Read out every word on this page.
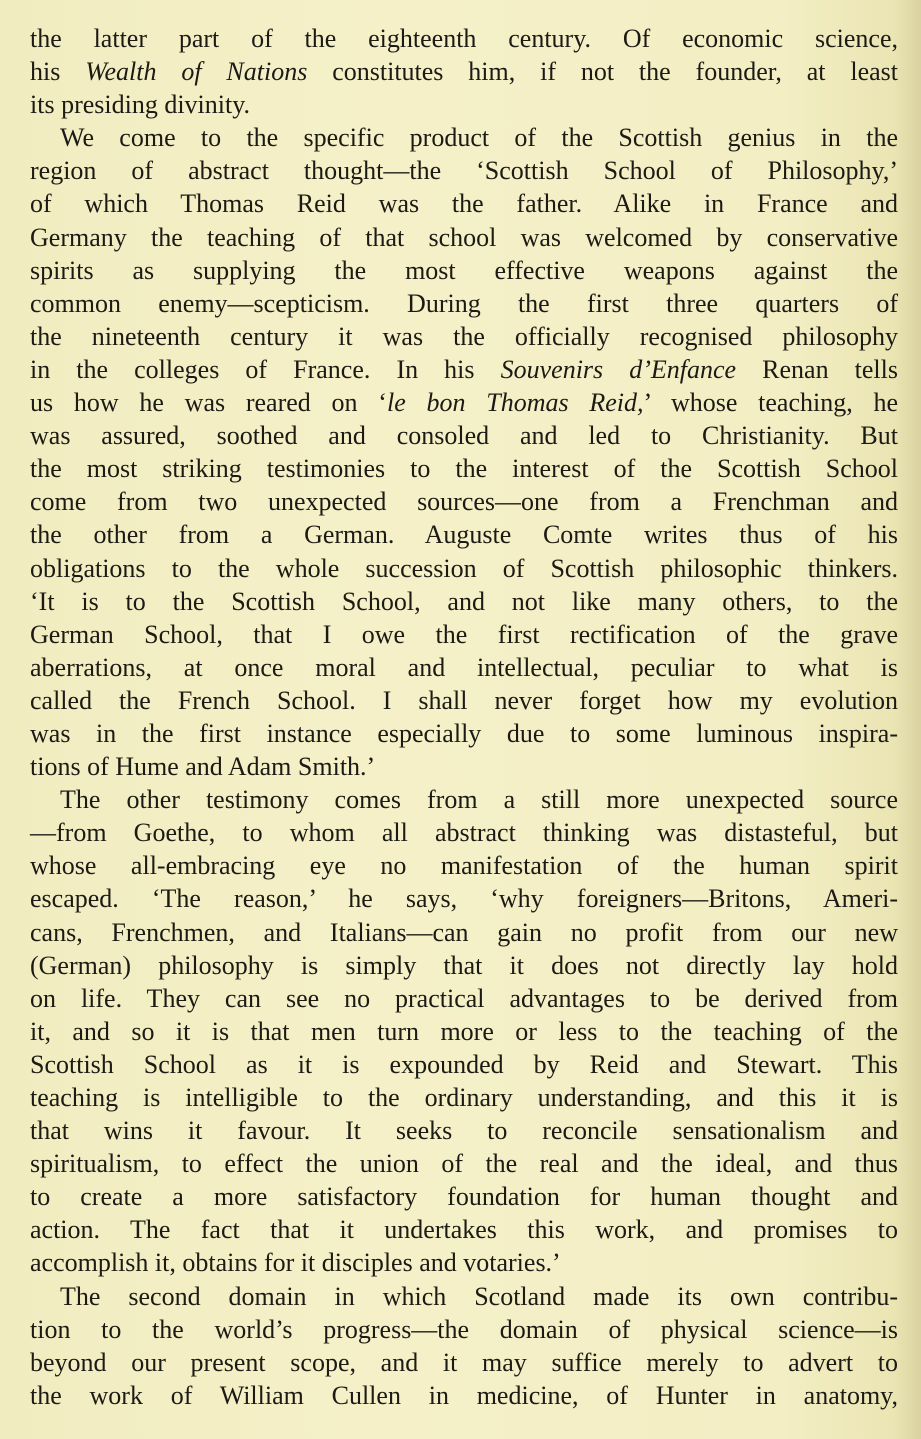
the latter part of the eighteenth century. Of economic science,
his Wealth of Nations constitutes him, if not the founder, at least
its presiding divinity.
We come to the specific product of the Scottish genius in the
region of abstract thought—the ‘Scottish School of Philosophy,’
of which Thomas Reid was the father. Alike in France and
Germany the teaching of that school was welcomed by conservative
spirits as supplying the most effective weapons against the
common enemy—scepticism. During the first three quarters of
the nineteenth century it was the officially recognised philosophy
in the colleges of France. In his Souvenirs d’Enfance Renan tells
us how he was reared on ‘le bon Thomas Reid,’ whose teaching, he
was assured, soothed and consoled and led to Christianity. But
the most striking testimonies to the interest of the Scottish School
come from two unexpected sources—one from a Frenchman and
the other from a German. Auguste Comte writes thus of his
obligations to the whole succession of Scottish philosophic thinkers.
‘It is to the Scottish School, and not like many others, to the
German School, that I owe the first rectification of the grave
aberrations, at once moral and intellectual, peculiar to what is
called the French School. I shall never forget how my evolution
was in the first instance especially due to some luminous inspira-
tions of Hume and Adam Smith.’
The other testimony comes from a still more unexpected source
—from Goethe, to whom all abstract thinking was distasteful, but
whose all-embracing eye no manifestation of the human spirit
escaped. ‘The reason,’ he says, ‘why foreigners—Britons, Ameri-
cans, Frenchmen, and Italians—can gain no profit from our new
(German) philosophy is simply that it does not directly lay hold
on life. They can see no practical advantages to be derived from
it, and so it is that men turn more or less to the teaching of the
Scottish School as it is expounded by Reid and Stewart. This
teaching is intelligible to the ordinary understanding, and this it is
that wins it favour. It seeks to reconcile sensationalism and
spiritualism, to effect the union of the real and the ideal, and thus
to create a more satisfactory foundation for human thought and
action. The fact that it undertakes this work, and promises to
accomplish it, obtains for it disciples and votaries.’
The second domain in which Scotland made its own contribu-
tion to the world’s progress—the domain of physical science—is
beyond our present scope, and it may suffice merely to advert to
the work of William Cullen in medicine, of Hunter in anatomy,
